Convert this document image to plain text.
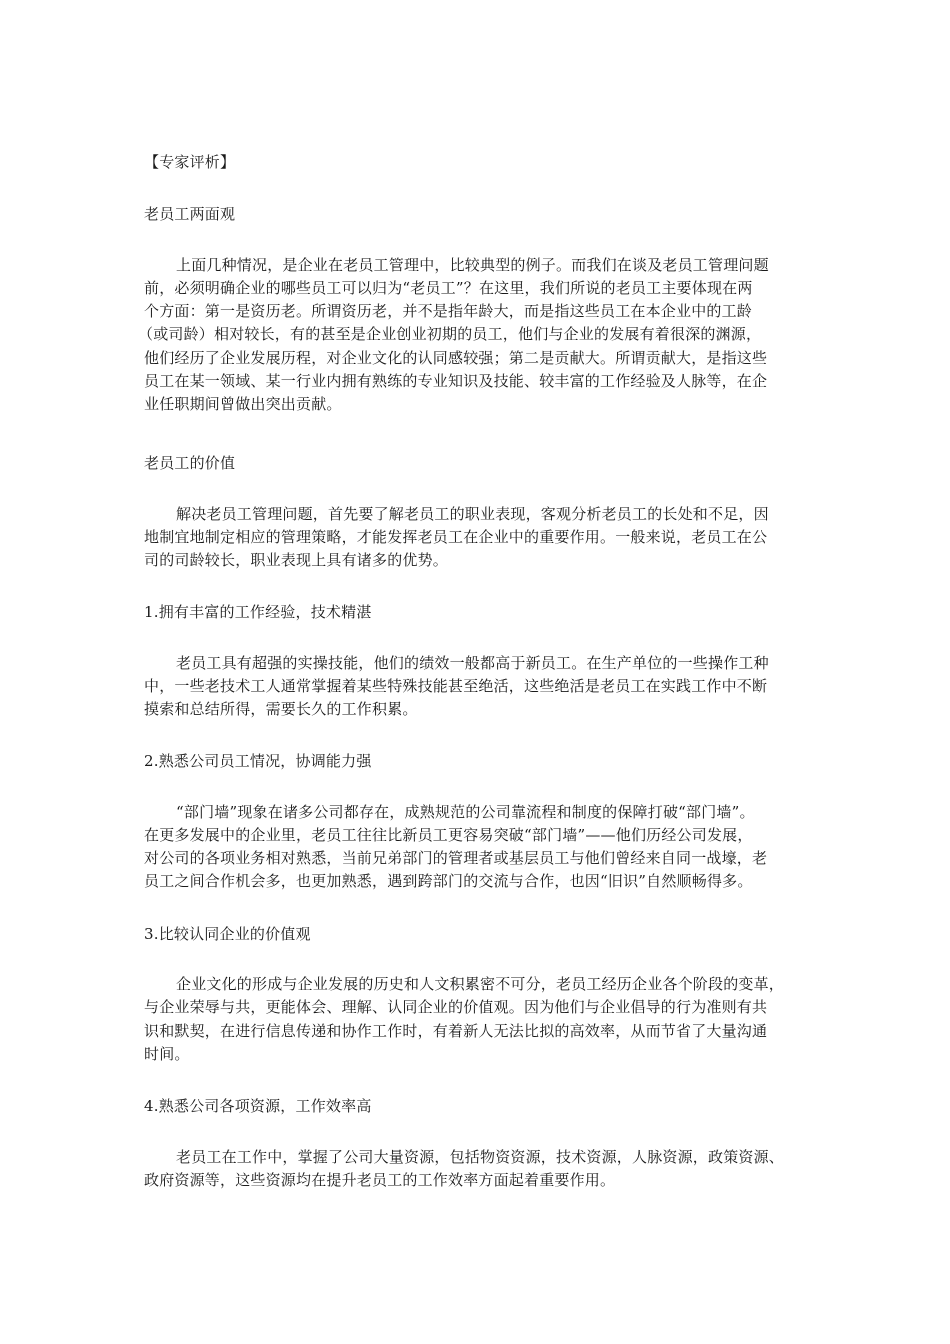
【专家评析】
老员工两面观
上面几种情况，是企业在老员工管理中，比较典型的例子。而我们在谈及老员工管理问题
前，必须明确企业的哪些员工可以归为“老员工”？在这里，我们所说的老员工主要体现在两
个方面：第一是资历老。所谓资历老，并不是指年龄大，而是指这些员工在本企业中的工龄
（或司龄）相对较长，有的甚至是企业创业初期的员工，他们与企业的发展有着很深的渊源，
他们经历了企业发展历程，对企业文化的认同感较强；第二是贡献大。所谓贡献大，是指这些
员工在某一领域、某一行业内拥有熟练的专业知识及技能、较丰富的工作经验及人脉等，在企
业任职期间曾做出突出贡献。
老员工的价值
解决老员工管理问题，首先要了解老员工的职业表现，客观分析老员工的长处和不足，因
地制宜地制定相应的管理策略，才能发挥老员工在企业中的重要作用。一般来说，老员工在公
司的司龄较长，职业表现上具有诸多的优势。
1.拥有丰富的工作经验，技术精湛
老员工具有超强的实操技能，他们的绩效一般都高于新员工。在生产单位的一些操作工种
中，一些老技术工人通常掌握着某些特殊技能甚至绝活，这些绝活是老员工在实践工作中不断
摸索和总结所得，需要长久的工作积累。
2.熟悉公司员工情况，协调能力强
“部门墙”现象在诸多公司都存在，成熟规范的公司靠流程和制度的保障打破“部门墙”。
在更多发展中的企业里，老员工往往比新员工更容易突破“部门墙”——他们历经公司发展，
对公司的各项业务相对熟悉，当前兄弟部门的管理者或基层员工与他们曾经来自同一战壕，老
员工之间合作机会多，也更加熟悉，遇到跨部门的交流与合作，也因“旧识”自然顺畅得多。
3.比较认同企业的价值观
企业文化的形成与企业发展的历史和人文积累密不可分，老员工经历企业各个阶段的变革，
与企业荣辱与共，更能体会、理解、认同企业的价值观。因为他们与企业倡导的行为准则有共
识和默契，在进行信息传递和协作工作时，有着新人无法比拟的高效率，从而节省了大量沟通
时间。
4.熟悉公司各项资源，工作效率高
老员工在工作中，掌握了公司大量资源，包括物资资源，技术资源，人脉资源，政策资源、
政府资源等，这些资源均在提升老员工的工作效率方面起着重要作用。
